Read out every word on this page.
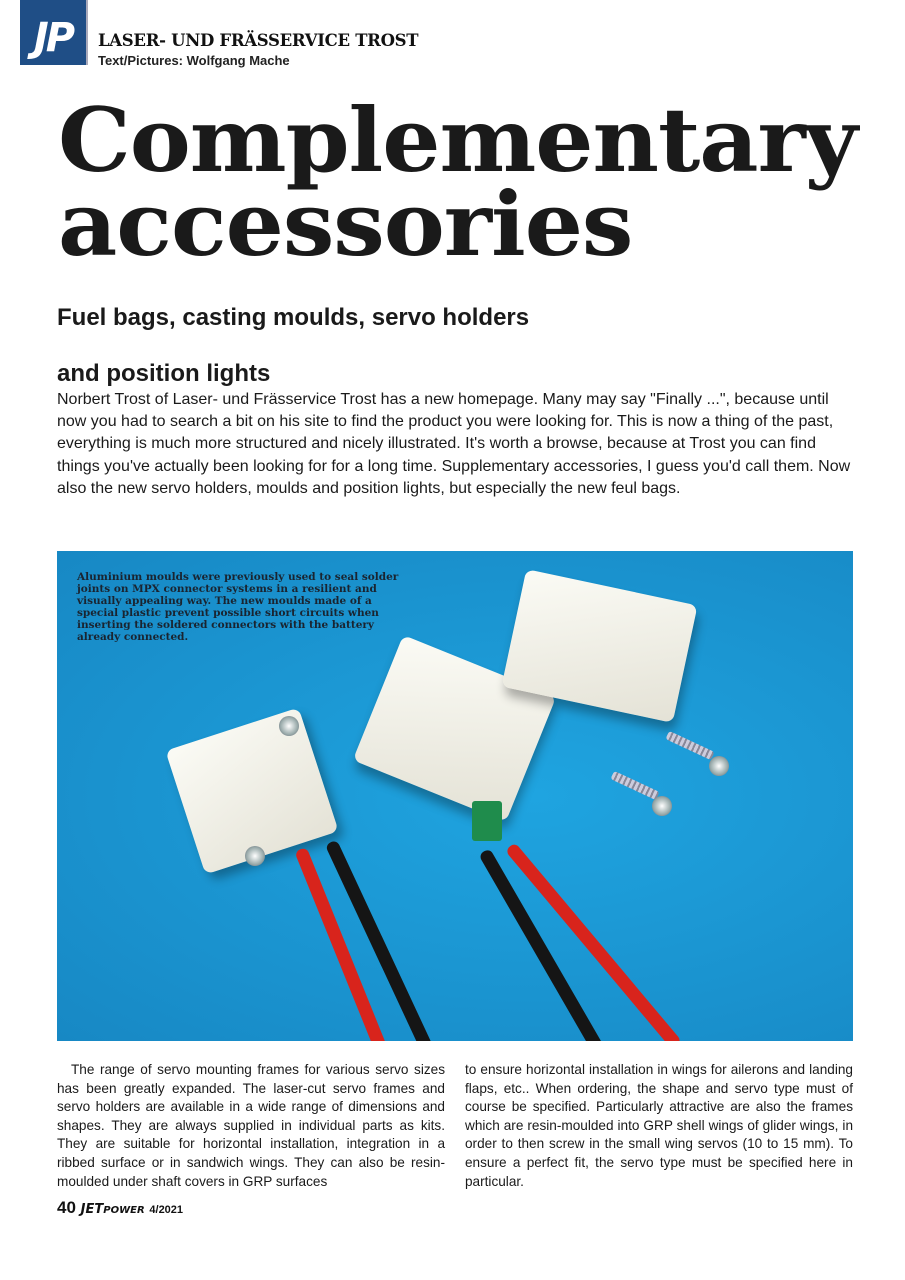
JP LASER- UND FRÄSSERVICE TROST
Text/Pictures: Wolfgang Mache
Complementary
accessories
Fuel bags, casting moulds, servo holders
and position lights

Norbert Trost of Laser- und Frässervice Trost has a new homepage. Many may say "Finally ...", because until now you had to search a bit on his site to find the product you were looking for. This is now a thing of the past, everything is much more structured and nicely illustrated. It's worth a browse, because at Trost you can find things you've actually been looking for for a long time. Supplementary accessories, I guess you'd call them. Now also the new servo holders, moulds and position lights, but especially the new feul bags.

Aluminium moulds were previously used to seal solder joints on MPX connector systems in a resilient and visually appealing way. The new moulds made of a special plastic prevent possible short circuits when inserting the soldered connectors with the battery already connected.

The range of servo mounting frames for various servo sizes has been greatly expanded. The laser-cut servo frames and servo holders are available in a wide range of dimensions and shapes. They are always supplied in individual parts as kits. They are suitable for horizontal installation, integration in a ribbed surface or in sandwich wings. They can also be resin-moulded under shaft covers in GRP surfaces

to ensure horizontal installation in wings for ailerons and landing flaps, etc.. When ordering, the shape and servo type must of course be specified. Particularly attractive are also the frames which are resin-moulded into GRP shell wings of glider wings, in order to then screw in the small wing servos (10 to 15 mm). To ensure a perfect fit, the servo type must be specified here in particular.

40 JETPOWER 4/2021
